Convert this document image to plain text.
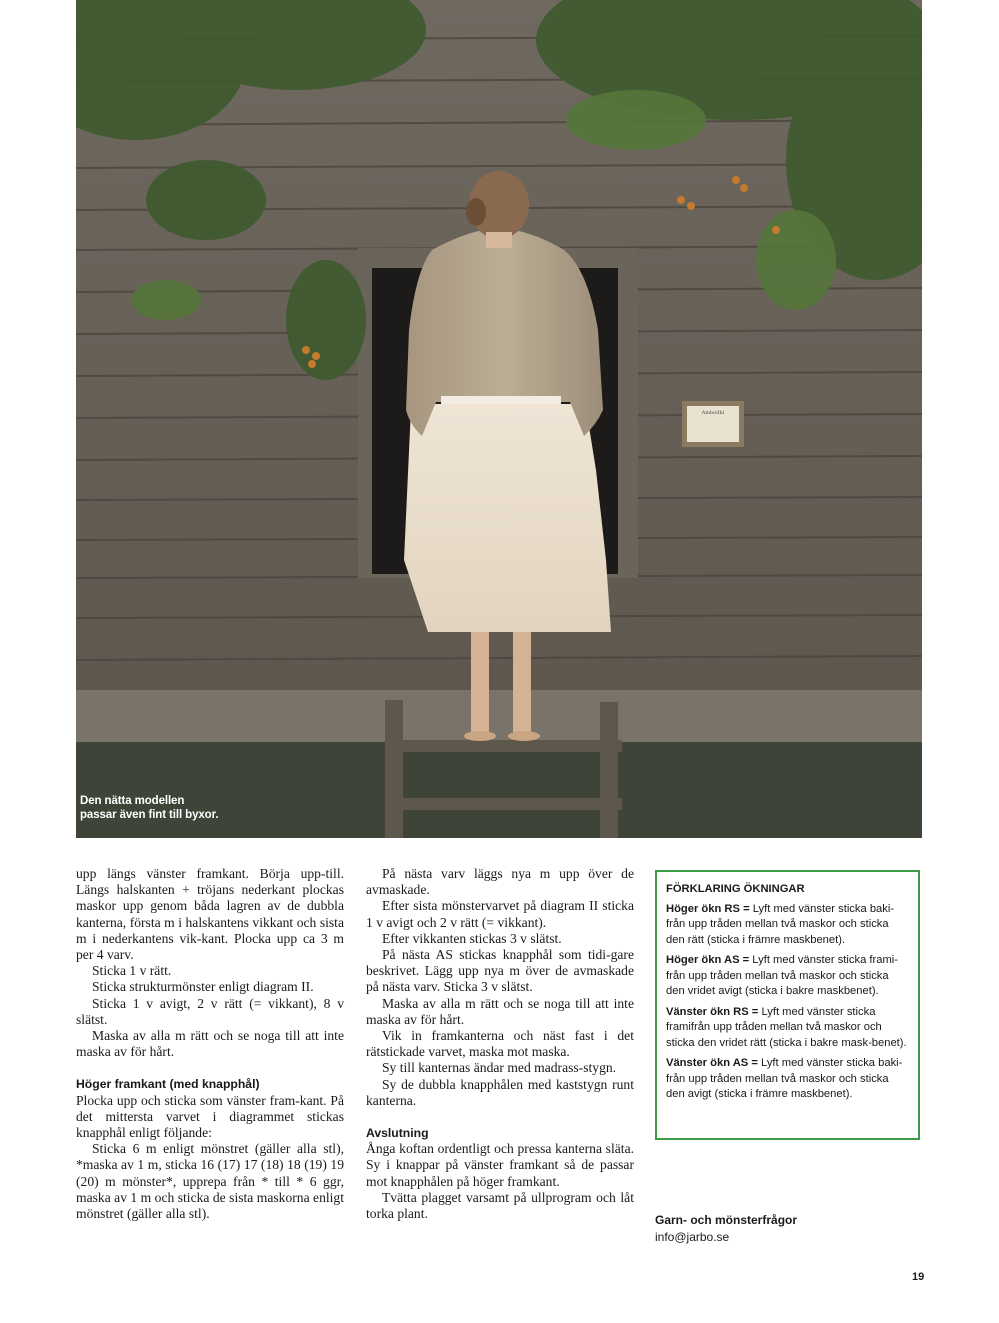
Ambodhi
Den nätta modellen
passar även fint till byxor.

upp längs vänster framkant. Börja upp-till. Längs halskanten + tröjans nederkant plockas maskor upp genom båda lagren av de dubbla kanterna, första m i halskantens vikkant och sista m i nederkantens vik-kant. Plocka upp ca 3 m per 4 varv.

Sticka 1 v rätt.

Sticka strukturmönster enligt diagram II.

Sticka 1 v avigt, 2 v rätt (= vikkant), 8 v slätst.

Maska av alla m rätt och se noga till att inte maska av för hårt.

Höger framkant (med knapphål)

Plocka upp och sticka som vänster fram-kant. På det mittersta varvet i diagrammet stickas knapphål enligt följande:

Sticka 6 m enligt mönstret (gäller alla stl), *maska av 1 m, sticka 16 (17) 17 (18) 18 (19) 19 (20) m mönster*, upprepa från * till * 6 ggr, maska av 1 m och sticka de sista maskorna enligt mönstret (gäller alla stl).

På nästa varv läggs nya m upp över de avmaskade.

Efter sista mönstervarvet på diagram II sticka 1 v avigt och 2 v rätt (= vikkant).

Efter vikkanten stickas 3 v slätst.

På nästa AS stickas knapphål som tidi-gare beskrivet. Lägg upp nya m över de avmaskade på nästa varv. Sticka 3 v slätst.

Maska av alla m rätt och se noga till att inte maska av för hårt.

Vik in framkanterna och näst fast i det rätstickade varvet, maska mot maska.

Sy till kanternas ändar med madrass-stygn.

Sy de dubbla knapphålen med kaststygn runt kanterna.

Avslutning

Ånga koftan ordentligt och pressa kanterna släta. Sy i knappar på vänster framkant så de passar mot knapphålen på höger framkant.

Tvätta plagget varsamt på ullprogram och låt torka plant.

FÖRKLARING ÖKNINGAR

Höger ökn RS = Lyft med vänster sticka baki-från upp tråden mellan två maskor och sticka den rätt (sticka i främre maskbenet).

Höger ökn AS = Lyft med vänster sticka frami-från upp tråden mellan två maskor och sticka den vridet avigt (sticka i bakre maskbenet).

Vänster ökn RS = Lyft med vänster sticka framifrån upp tråden mellan två maskor och sticka den vridet rätt (sticka i bakre mask-benet).

Vänster ökn AS = Lyft med vänster sticka baki-från upp tråden mellan två maskor och sticka den avigt (sticka i främre maskbenet).

Garn- och mönsterfrågor
info@jarbo.se
19
